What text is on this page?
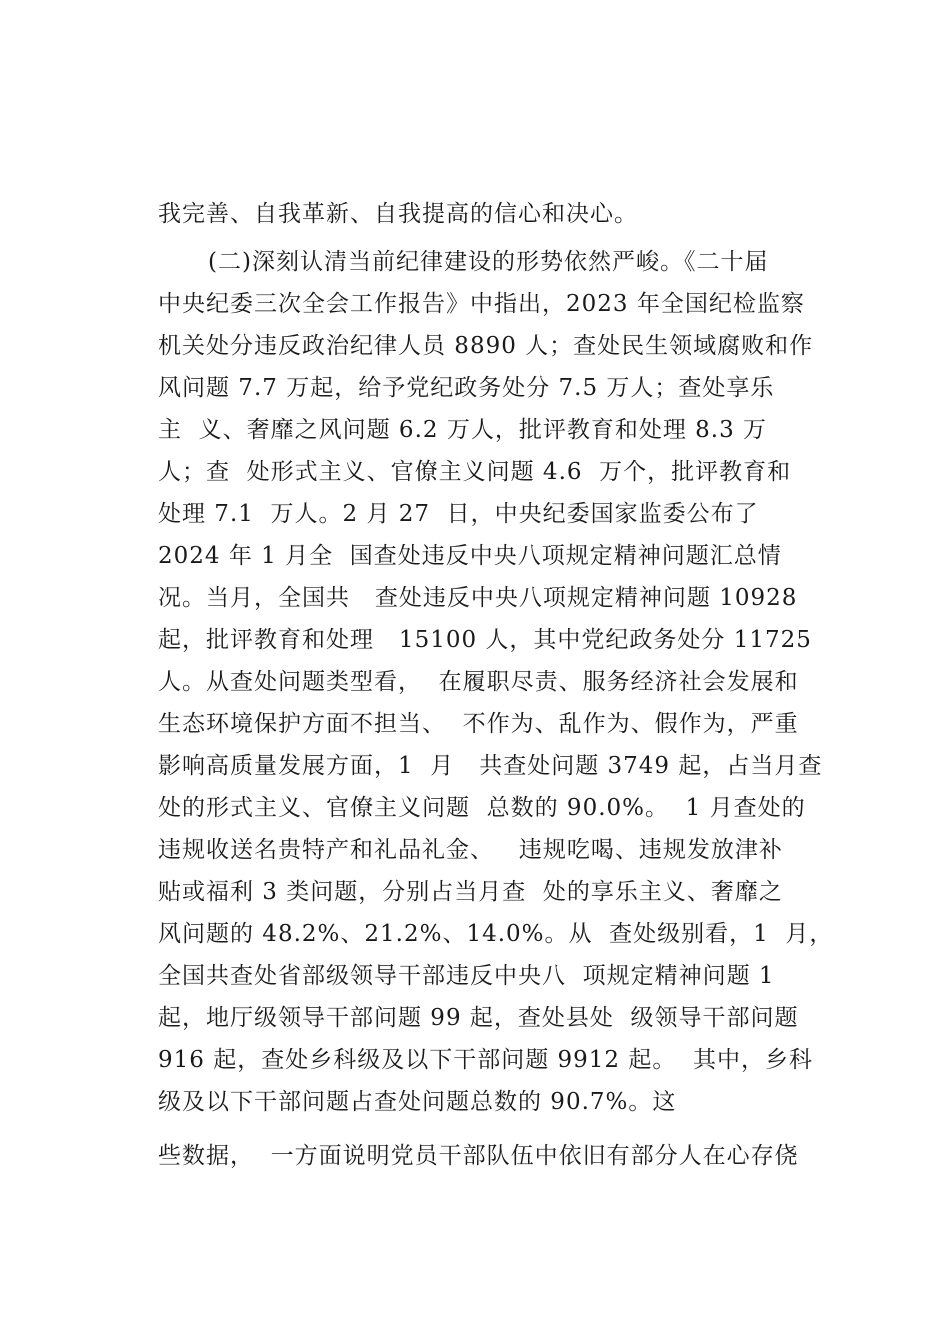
我完善、自我革新、自我提高的信心和决心。
(二)深刻认清当前纪律建设的形势依然严峻。《二十届
中央纪委三次全会工作报告》中指出，2023 年全国纪检监察
机关处分违反政治纪律人员 8890 人；查处民生领域腐败和作
风问题 7.7 万起，给予党纪政务处分 7.5 万人；查处享乐
主  义、奢靡之风问题 6.2 万人，批评教育和处理 8.3 万
人；查  处形式主义、官僚主义问题 4.6  万个，批评教育和
处理 7.1  万人。2 月 27  日，中央纪委国家监委公布了
2024 年 1 月全  国查处违反中央八项规定精神问题汇总情
况。当月，全国共   查处违反中央八项规定精神问题 10928
起，批评教育和处理   15100 人，其中党纪政务处分 11725
人。从查处问题类型看，  在履职尽责、服务经济社会发展和
生态环境保护方面不担当、  不作为、乱作为、假作为，严重
影响高质量发展方面，1  月   共查处问题 3749 起，占当月查
处的形式主义、官僚主义问题  总数的 90.0%。  1 月查处的
违规收送名贵特产和礼品礼金、   违规吃喝、违规发放津补
贴或福利 3 类问题，分别占当月查  处的享乐主义、奢靡之
风问题的 48.2%、21.2%、14.0%。从  查处级别看，1  月，
全国共查处省部级领导干部违反中央八  项规定精神问题 1
起，地厅级领导干部问题 99 起，查处县处  级领导干部问题
916 起，查处乡科级及以下干部问题 9912 起。  其中，乡科
级及以下干部问题占查处问题总数的 90.7%。这
些数据，  一方面说明党员干部队伍中依旧有部分人在心存侥
